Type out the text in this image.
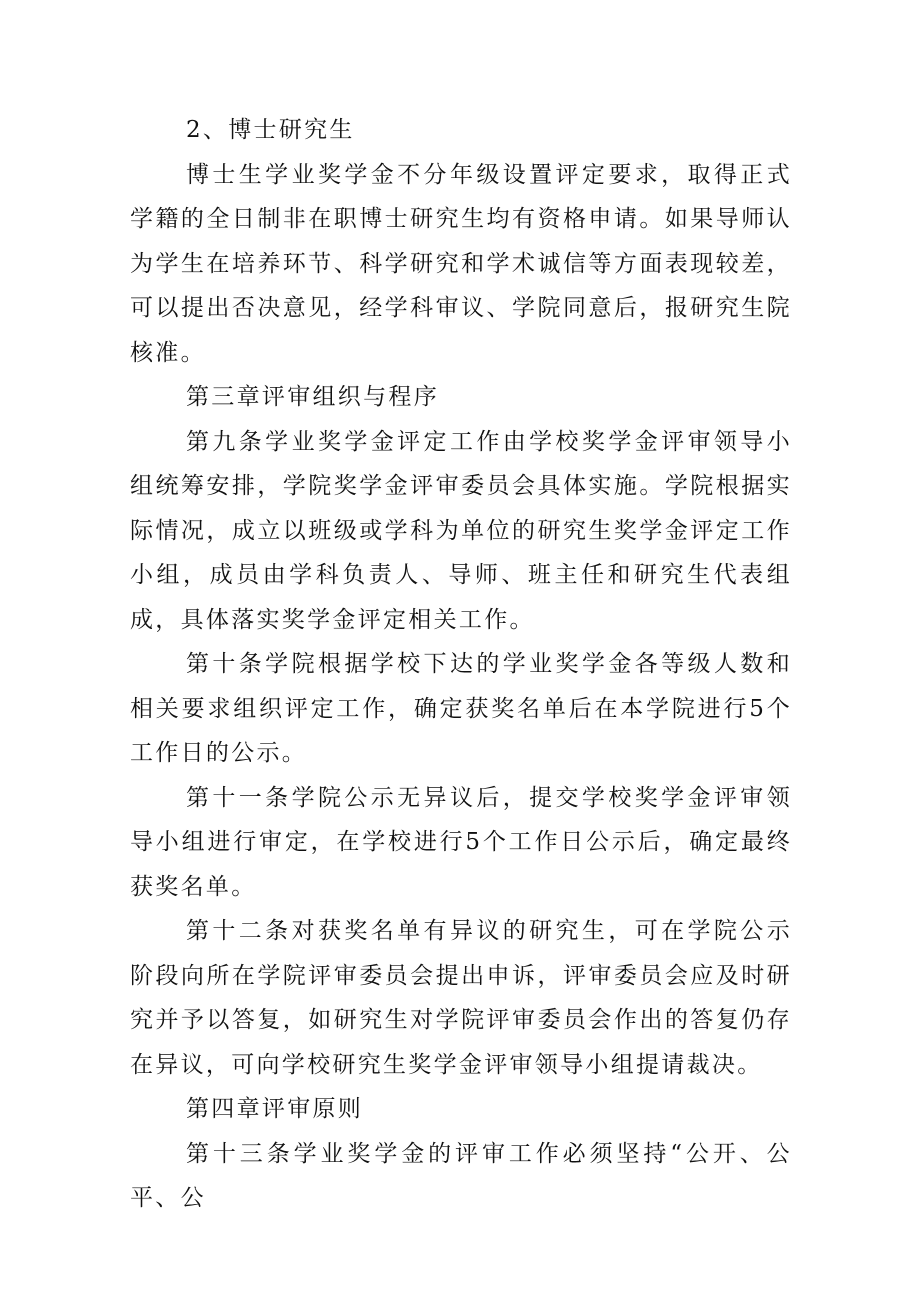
2、博士研究生

博士生学业奖学金不分年级设置评定要求，取得正式学籍的全日制非在职博士研究生均有资格申请。如果导师认为学生在培养环节、科学研究和学术诚信等方面表现较差，可以提出否决意见，经学科审议、学院同意后，报研究生院核准。

第三章评审组织与程序

第九条学业奖学金评定工作由学校奖学金评审领导小组统筹安排，学院奖学金评审委员会具体实施。学院根据实际情况，成立以班级或学科为单位的研究生奖学金评定工作小组，成员由学科负责人、导师、班主任和研究生代表组成，具体落实奖学金评定相关工作。

第十条学院根据学校下达的学业奖学金各等级人数和相关要求组织评定工作，确定获奖名单后在本学院进行5个工作日的公示。

第十一条学院公示无异议后，提交学校奖学金评审领导小组进行审定，在学校进行5个工作日公示后，确定最终获奖名单。

第十二条对获奖名单有异议的研究生，可在学院公示阶段向所在学院评审委员会提出申诉，评审委员会应及时研究并予以答复，如研究生对学院评审委员会作出的答复仍存在异议，可向学校研究生奖学金评审领导小组提请裁决。

第四章评审原则

第十三条学业奖学金的评审工作必须坚持“公开、公平、公
